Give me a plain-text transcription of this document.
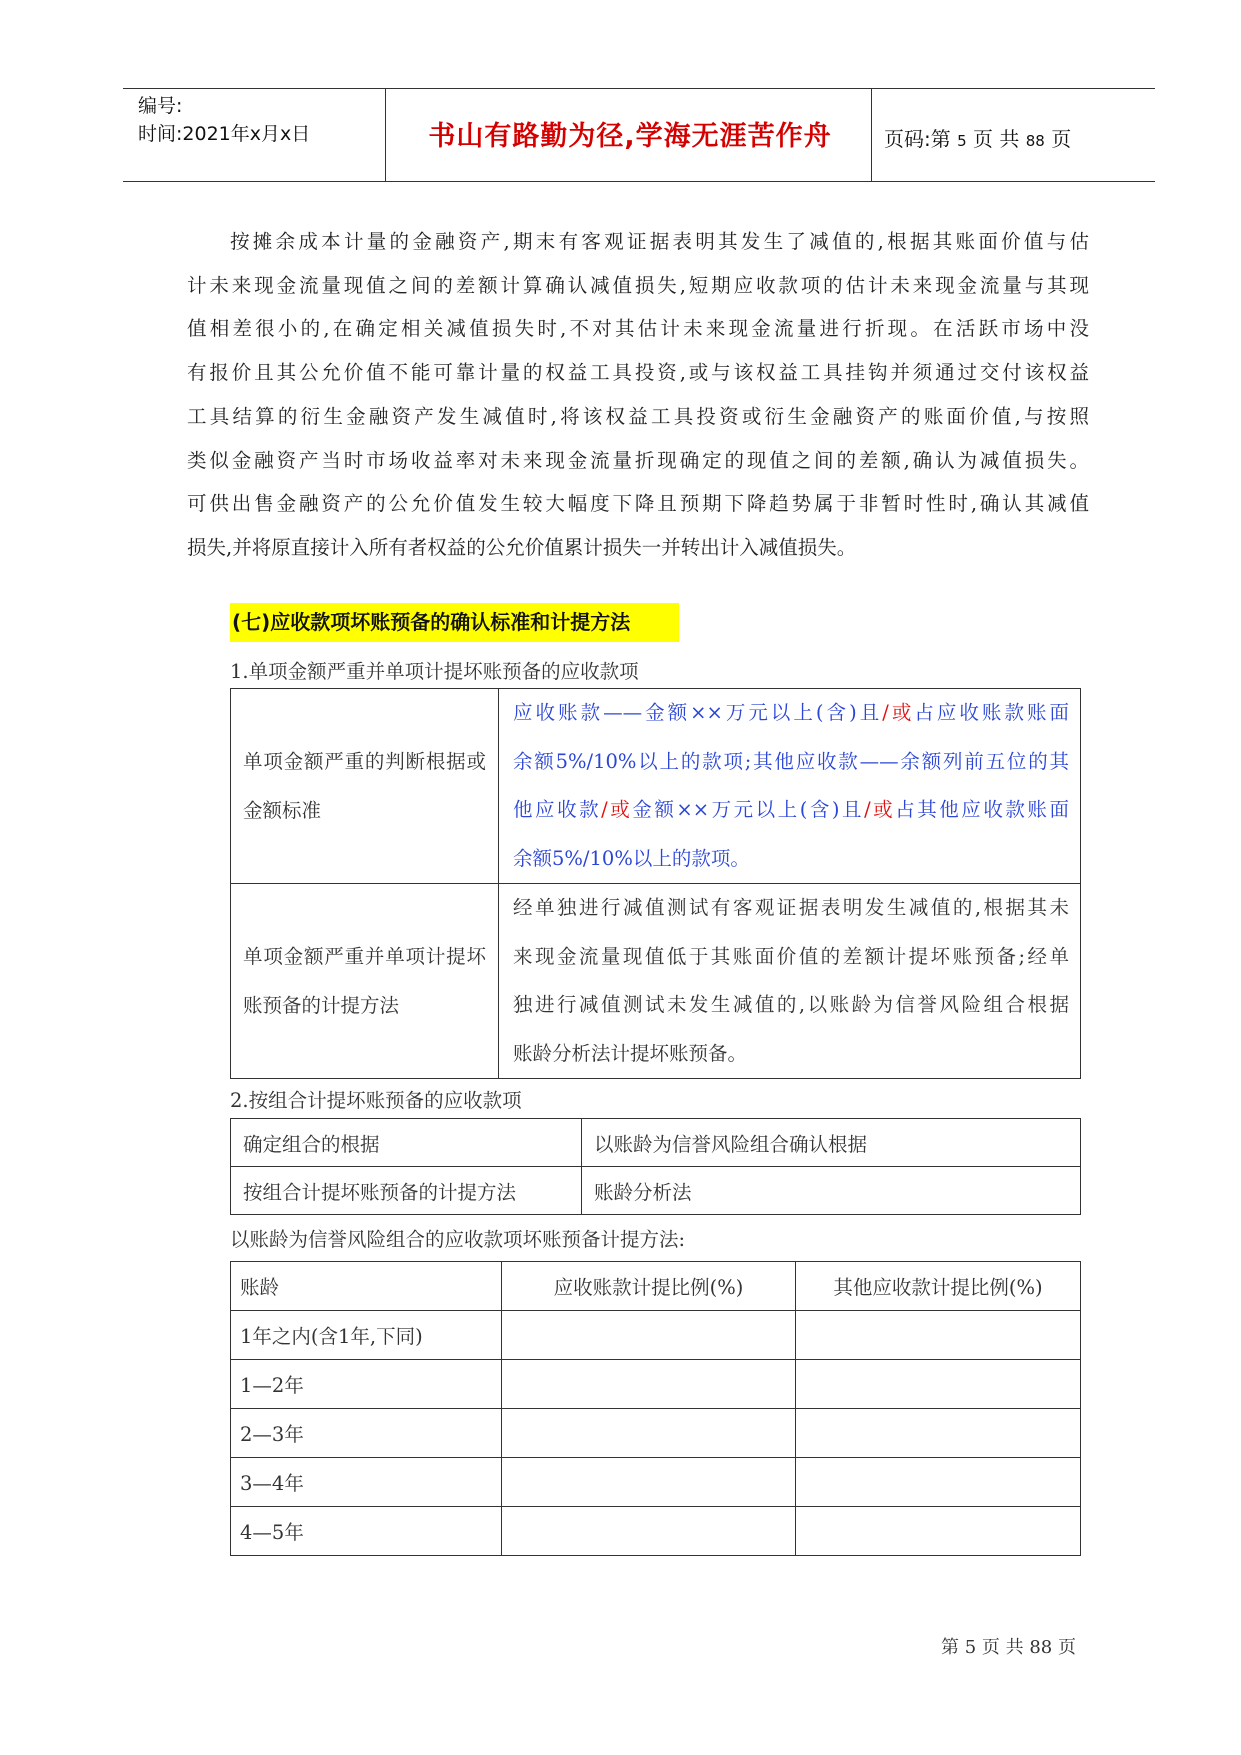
编号:
时间:2021年x月x日	书山有路勤为径,学海无涯苦作舟	页码:第 5 页 共 88 页
按摊余成本计量的金融资产,期末有客观证据表明其发生了减值的,根据其账面价值与估
计未来现金流量现值之间的差额计算确认减值损失,短期应收款项的估计未来现金流量与其现
值相差很小的,在确定相关减值损失时,不对其估计未来现金流量进行折现。在活跃市场中没
有报价且其公允价值不能可靠计量的权益工具投资,或与该权益工具挂钩并须通过交付该权益
工具结算的衍生金融资产发生减值时,将该权益工具投资或衍生金融资产的账面价值,与按照
类似金融资产当时市场收益率对未来现金流量折现确定的现值之间的差额,确认为减值损失。
可供出售金融资产的公允价值发生较大幅度下降且预期下降趋势属于非暂时性时,确认其减值
损失,并将原直接计入所有者权益的公允价值累计损失一并转出计入减值损失。
(七)应收款项坏账预备的确认标准和计提方法
1.单项金额严重并单项计提坏账预备的应收款项
单项金额严重的判断根据或金额标准	应收账款——金额××万元以上(含)且/或占应收账款账面
余额5%/10%以上的款项;其他应收款——余额列前五位的其
他应收款/或金额××万元以上(含)且/或占其他应收款账面
余额5%/10%以上的款项。

单项金额严重并单项计提坏账预备的计提方法	经单独进行减值测试有客观证据表明发生减值的,根据其未
来现金流量现值低于其账面价值的差额计提坏账预备;经单
独进行减值测试未发生减值的,以账龄为信誉风险组合根据
账龄分析法计提坏账预备。
2.按组合计提坏账预备的应收款项
确定组合的根据	以账龄为信誉风险组合确认根据
按组合计提坏账预备的计提方法	账龄分析法
以账龄为信誉风险组合的应收款项坏账预备计提方法:
账龄	应收账款计提比例(%)	其他应收款计提比例(%)
1年之内(含1年,下同)		
1—2年		
2—3年		
3—4年		
4—5年		
第 5 页 共 88 页
